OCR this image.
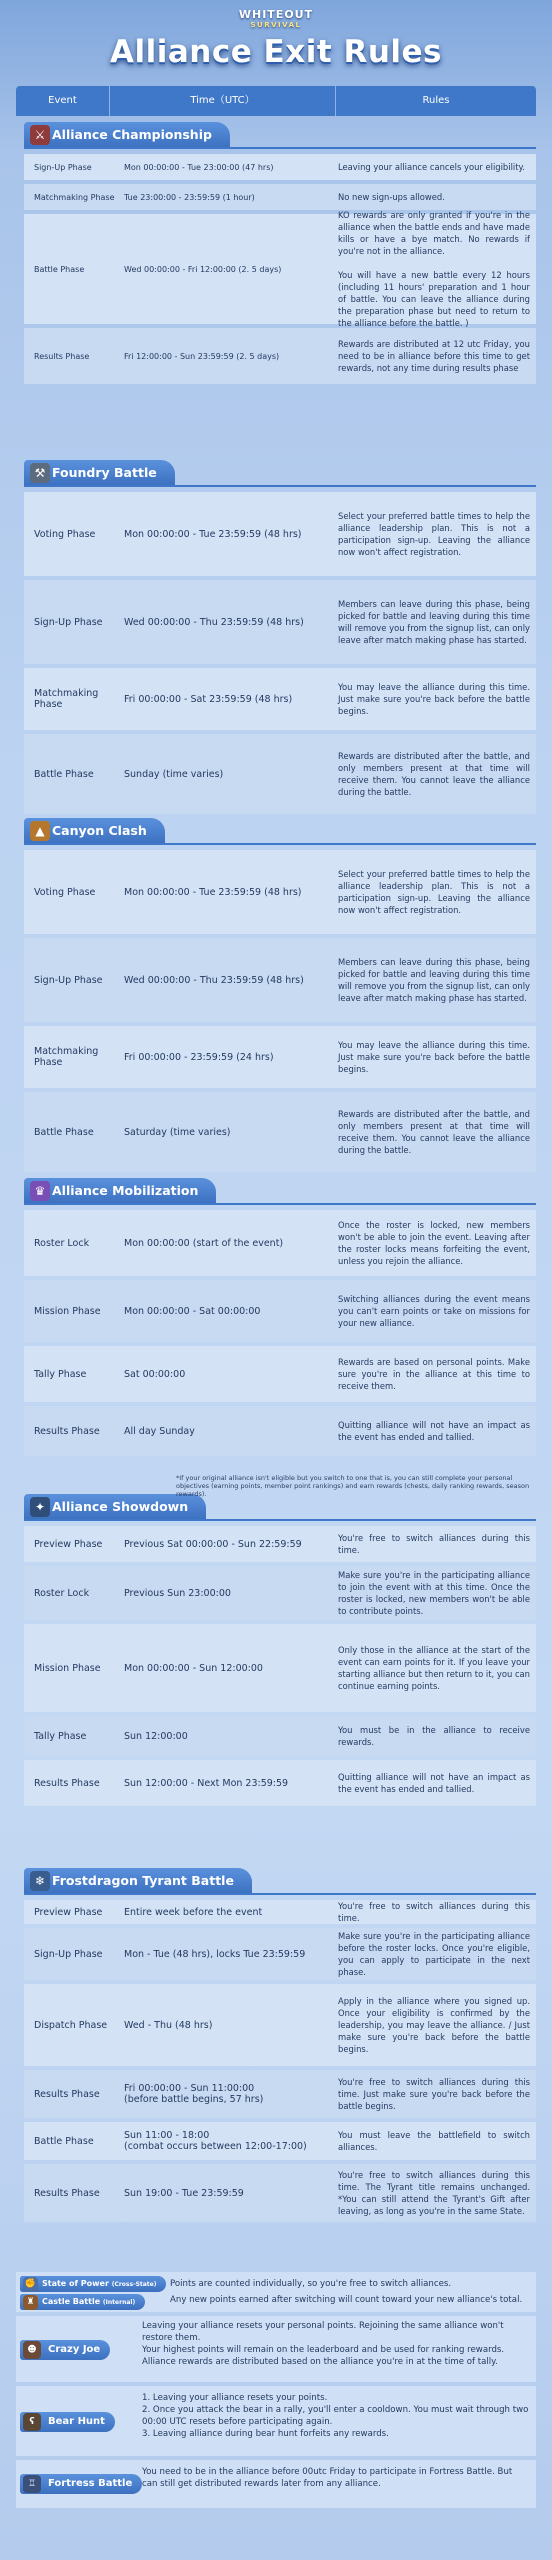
WHITEOUT
SURVIVAL
Alliance Exit Rules
Event	Time（UTC）	Rules
⚔ Alliance Championship
Sign-Up Phase	Mon 00:00:00 - Tue 23:00:00 (47 hrs)	Leaving your alliance cancels your eligibility.
Matchmaking Phase	Tue 23:00:00 - 23:59:59 (1 hour)	No new sign-ups allowed.
Battle Phase	Wed 00:00:00 - Fri 12:00:00 (2. 5 days)
KO rewards are only granted if you're in the alliance when the battle ends and have made kills or have a bye match. No rewards if you're not in the alliance.

You will have a new battle every 12 hours (including 11 hours' preparation and 1 hour of battle. You can leave the alliance during the preparation phase but need to return to the alliance before the battle. )
Results Phase	Fri 12:00:00 - Sun 23:59:59 (2. 5 days)
Rewards are distributed at 12 utc Friday, you need to be in alliance before this time to get rewards, not any time during results phase
⚒ Foundry Battle
Voting Phase	Mon 00:00:00 - Tue 23:59:59 (48 hrs)
Select your preferred battle times to help the alliance leadership plan. This is not a participation sign-up. Leaving the alliance now won't affect registration.
Sign-Up Phase	Wed 00:00:00 - Thu 23:59:59 (48 hrs)
Members can leave during this phase, being picked for battle and leaving during this time will remove you from the signup list, can only leave after match making phase has started.
Matchmaking Phase	Fri 00:00:00 - Sat 23:59:59 (48 hrs)
You may leave the alliance during this time. Just make sure you're back before the battle begins.
Battle Phase	Sunday (time varies)
Rewards are distributed after the battle, and only members present at that time will receive them. You cannot leave the alliance during the battle.
▲ Canyon Clash
Voting Phase	Mon 00:00:00 - Tue 23:59:59 (48 hrs)
Select your preferred battle times to help the alliance leadership plan. This is not a participation sign-up. Leaving the alliance now won't affect registration.
Sign-Up Phase	Wed 00:00:00 - Thu 23:59:59 (48 hrs)
Members can leave during this phase, being picked for battle and leaving during this time will remove you from the signup list, can only leave after match making phase has started.
Matchmaking Phase	Fri 00:00:00 - 23:59:59 (24 hrs)
You may leave the alliance during this time. Just make sure you're back before the battle begins.
Battle Phase	Saturday (time varies)
Rewards are distributed after the battle, and only members present at that time will receive them. You cannot leave the alliance during the battle.
♛ Alliance Mobilization
Roster Lock	Mon 00:00:00 (start of the event)
Once the roster is locked, new members won't be able to join the event. Leaving after the roster locks means forfeiting the event, unless you rejoin the alliance.
Mission Phase	Mon 00:00:00 - Sat 00:00:00
Switching alliances during the event means you can't earn points or take on missions for your new alliance.
Tally Phase	Sat 00:00:00
Rewards are based on personal points. Make sure you're in the alliance at this time to receive them.
Results Phase	All day Sunday
Quitting alliance will not have an impact as the event has ended and tallied.
✦ Alliance Showdown
*If your original alliance isn't eligible but you switch to one that is, you can still complete your personal objectives (earning points, member point rankings) and earn rewards (chests, daily ranking rewards, season rewards).
Preview Phase	Previous Sat 00:00:00 - Sun 22:59:59
You're free to switch alliances during this time.
Roster Lock	Previous Sun 23:00:00
Make sure you're in the participating alliance to join the event with at this time. Once the roster is locked, new members won't be able to contribute points.
Mission Phase	Mon 00:00:00 - Sun 12:00:00
Only those in the alliance at the start of the event can earn points for it. If you leave your starting alliance but then return to it, you can continue earning points.
Tally Phase	Sun 12:00:00
You must be in the alliance to receive rewards.
Results Phase	Sun 12:00:00 - Next Mon 23:59:59
Quitting alliance will not have an impact as the event has ended and tallied.
❄ Frostdragon Tyrant Battle
Preview Phase	Entire week before the event
You're free to switch alliances during this time.
Sign-Up Phase	Mon - Tue (48 hrs), locks Tue 23:59:59
Make sure you're in the participating alliance before the roster locks. Once you're eligible, you can apply to participate in the next phase.
Dispatch Phase	Wed - Thu (48 hrs)
Apply in the alliance where you signed up. Once your eligibility is confirmed by the leadership, you may leave the alliance. / Just make sure you're back before the battle begins.
Results Phase	Fri 00:00:00 - Sun 11:00:00
(before battle begins, 57 hrs)
You're free to switch alliances during this time. Just make sure you're back before the battle begins.
Battle Phase	Sun 11:00 - 18:00
(combat occurs between 12:00-17:00)
You must leave the battlefield to switch alliances.
Results Phase	Sun 19:00 - Tue 23:59:59
You're free to switch alliances during this time. The Tyrant title remains unchanged. *You can still attend the Tyrant's Gift after leaving, as long as you're in the same State.
✊ State of Power (Cross-State)
♜ Castle Battle (Internal)
Points are counted individually, so you're free to switch alliances.
Any new points earned after switching will count toward your new alliance's total.
☻	Crazy Joe
Leaving your alliance resets your personal points. Rejoining the same alliance won't restore them.
Your highest points will remain on the leaderboard and be used for ranking rewards. Alliance rewards are distributed based on the alliance you're in at the time of tally.
ʕ	Bear Hunt
1. Leaving your alliance resets your points.
2. Once you attack the bear in a rally, you'll enter a cooldown. You must wait through two 00:00 UTC resets before participating again.
3. Leaving alliance during bear hunt forfeits any rewards.
♖	Fortress Battle
You need to be in the alliance before 00utc Friday to participate in Fortress Battle. But can still get distributed rewards later from any alliance.
